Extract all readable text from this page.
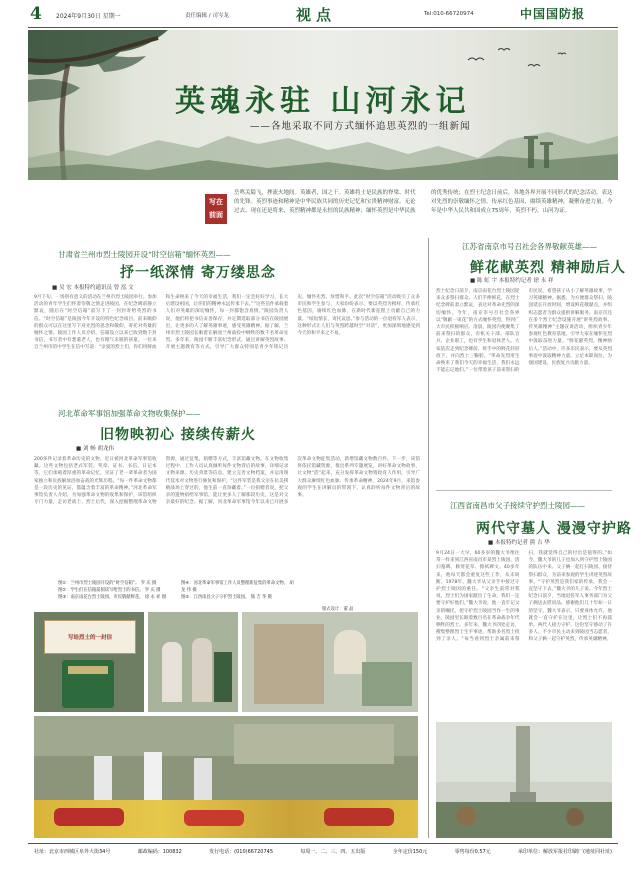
4 2024年9月30日 星期一	责任编辑 / 司岑龙	视点	Tel:010-66720974	中国国防报
英魂永驻 山河永记
——各地采取不同方式缅怀追思英烈的一组新闻
写在
前面
岳鸣关隘飞，挫流火地间。英雄者，国之干。英雄将士是民族的脊梁、时代的先锋。英烈事迹和精神是中华民族共同的历史记忆和宝贵精神财富。无论过去、现在还是将来，英烈精神都是永恒的民族精神；缅怀英烈是中华民族的优秀传统；在烈士纪念日前后，各地各界开展不同形式的纪念活动，表达对先烈的崇敬缅怀之情。传承红色基因，赓续英雄精神，凝聚奋进力量。今年是中华人民共和国成立75周年，英烈不朽，山河为证。
甘肃省兰州市烈士陵园开设“时空信箱”缅怀英烈——
抒一纸深情 寄万缕思念
■ 吴 宏 本报特约通讯员 曾 泓 文
9月下旬，一场别有意义的活动在兰州市烈士陵园举行。参加活动的青年学生们怀着崇敬之情走进陵园，在纪念碑前静立默哀，随后在“时空信箱”前写下了一封封寄给英烈的书信。“时空信箱”是陵园今年开设的特色纪念项目，前来瞻仰的群众可以在这里写下对先烈的思念和敬仰，寄托对英雄的缅怀之情。陵园工作人员介绍，信箱设立以来已收到数千封书信，书写者中有耄耋老人，也有稚气未脱的孩童。一位来自兰州市的中学生在信中写道：“亲爱的烈士们，你们用鲜血和生命换来了今天的幸福生活，我们一定会好好学习，长大后建设祖国，让你们的精神永远传承下去。”“这些信件承载着人们对英雄的深切缅怀，每一封都饱含真情。”陵园负责人说，他们将把书信妥善保存，并定期选取部分书信在陵园展出，让更多的人了解英雄事迹，感受英雄精神。据了解，兰州市烈士陵园长眠着在解放兰州战役中牺牲的数千名革命先烈。多年来，陵园不断丰富纪念形式，通过讲解英烈故事、开展主题教育等方式，引导广大群众特别是青少年铭记历史、缅怀先烈、珍惜和平。此次“时空信箱”活动吸引了众多市民和学生参与，大家纷纷表示，要以英烈为榜样，传承红色基因，赓续红色血脉，在新时代新征程上贡献自己的力量。“纸短情长，寄托哀思。”参与活动的一位退役军人表示，这种形式让人们与英烈跨越时空“对话”，更加深刻地感受到今天的和平来之不易。
河北革命军事馆加强革命文物收集保护——
旧物映初心 接续传薪火
■ 刘 畅 胡龙伟
200多件记录着革命历史的文物，近日被河北革命军事馆收藏。这些文物包括老式军装、奖章、证书、书信、日记本等，它们承载着厚重的革命记忆，见证了老一辈革命者为国家独立和民族解放浴血奋战的光辉历程。“每一件革命文物都是一段历史的见证，都蕴含着丰富的革命精神。”河北革命军事馆负责人介绍，为加强革命文物的收集和保护，该馆组织专门力量，走访老战士、烈士后代，深入挖掘整理革命文物资源，通过征集、捐赠等方式，丰富馆藏文物。在文物收集过程中，工作人员认真倾听每件文物背后的故事，详细记录文物来源、历史背景等信息，建立完善文物档案，并运用现代技术对文物进行修复和保护。“这件军装是我父亲在抗美援朝战场上穿过的，他生前一直珍藏着。”一位捐赠者说，把父亲的遗物捐给军事馆，能让更多人了解那段历史，这是对父亲最好的纪念。据了解，河北革命军事馆今年以来已开展多次革命文物征集活动，新增馆藏文物数百件。下一步，该馆将依托馆藏资源，推出系列专题展览，讲好革命文物故事，让文物“活”起来，充分发挥革命文物资政育人作用，引导广大群众赓续红色血脉、传承革命精神。2024年9月，来馆参观的学生在讲解员的带领下，认真聆听每件文物背后的故事。
图①：兰州市烈士陵园开设的“时空信箱”。 罗 庆 摄
图②：学生们在信箱前阅读写给烈士的书信。 罗 庆 摄
图③：南京雨花台烈士陵园，市民敬献鲜花。 徐 永 祥 摄
图④：河北革命军事馆工作人员整理新征集的革命文物。 胡 龙 伟 摄
图⑤：江西南昌父子守护烈士陵园。 熊 吉 华 摄
版式设计：董 晶
写给烈士的一封信
江苏省南京市号召社会各界敬献英雄——
鲜花献英烈 精神励后人
■ 陈 虹 宇 本报特约记者 徐 永 祥
烈士纪念日前夕，南京雨花台烈士陵园迎来众多祭扫群众。人们手捧鲜花，在烈士纪念碑前肃立默哀，表达对革命先烈的深切缅怀。今年，南京市号召社会各界以“敬献一束花”的方式缅怀英烈，得到广大市民积极响应。清晨，陵园内便聚集了前来祭扫的群众，有机关干部、部队官兵、企业职工，也有学生和退休老人。大家依次走到纪念碑前，将手中的鲜花轻轻放下，并向烈士三鞠躬。“革命先烈用生命换来了我们今天的幸福生活，我们永远不能忘记他们。”一位带着孩子前来祭扫的市民说，希望孩子从小了解英雄故事，学习英雄精神。据悉，为方便群众祭扫，陵园延长开放时间，增设鲜花敬献点，并组织志愿者为群众提供讲解服务。南京市还在多个烈士纪念设施开展“讲英烈故事、传英雄精神”主题宣讲活动，组织青少年参观红色教育基地，引导大家在缅怀先烈中汲取奋进力量。“鲜花献英烈，精神励后人。”活动中，许多市民表示，要从英烈事迹中汲取精神力量，立足本职岗位，为强国建设、民族复兴贡献力量。
江西省南昌市父子接续守护烈士陵园——
两代守墓人 漫漫守护路
■ 本报特约记者 熊 吉 华
9月24日一大早，60多岁的魏大爷像往常一样来到江西省南昌市某烈士陵园，清扫墓碑、修剪花草、擦拭碑文。40多年来，他每天都会重复这些工作，从未间断。1978年，魏大爷从父亲手中接过守护烈士陵园的重任。“父亲生前常对我说，烈士们为国家献出了生命，我们一定要守护好他们。”魏大爷说，他一直牢记父亲的嘱托，把守护烈士陵园当作一生的事业。陵园里长眠着数百名在革命战争年代牺牲的烈士。多年来，魏大爷四处走访，搜集整理烈士生平事迹，帮助多名烈士找到了亲人。“每当看到烈士亲属前来祭扫，我就觉得自己的付出是值得的。”如今，魏大爷的儿子也加入到守护烈士陵园的队伍中来。父子俩一起打扫陵园、接待祭扫群众，为前来参观的学生讲述英烈故事。“守护英烈是我们家的传承，我会一直坚守下去。”魏大爷的儿子说。今年烈士纪念日前夕，当地退役军人事务部门为父子俩送去慰问品，感谢他们几十年如一日的坚守。魏大爷表示，只要身体允许，他就会一直守护在这里，让烈士们不再孤单。两代人接力守护，这份坚守感动了许多人。不少市民主动来到陵园当志愿者，和父子俩一起守护英烈，传承英雄精神。
社址：北京市西城区阜外大街34号	邮政编码：100832	发行电话：(010)66720745	每周一、二、三、四、五出版	全年定价150元	零售每份0.57元	承印单位：解放军报社印刷厂(地址同社址)
